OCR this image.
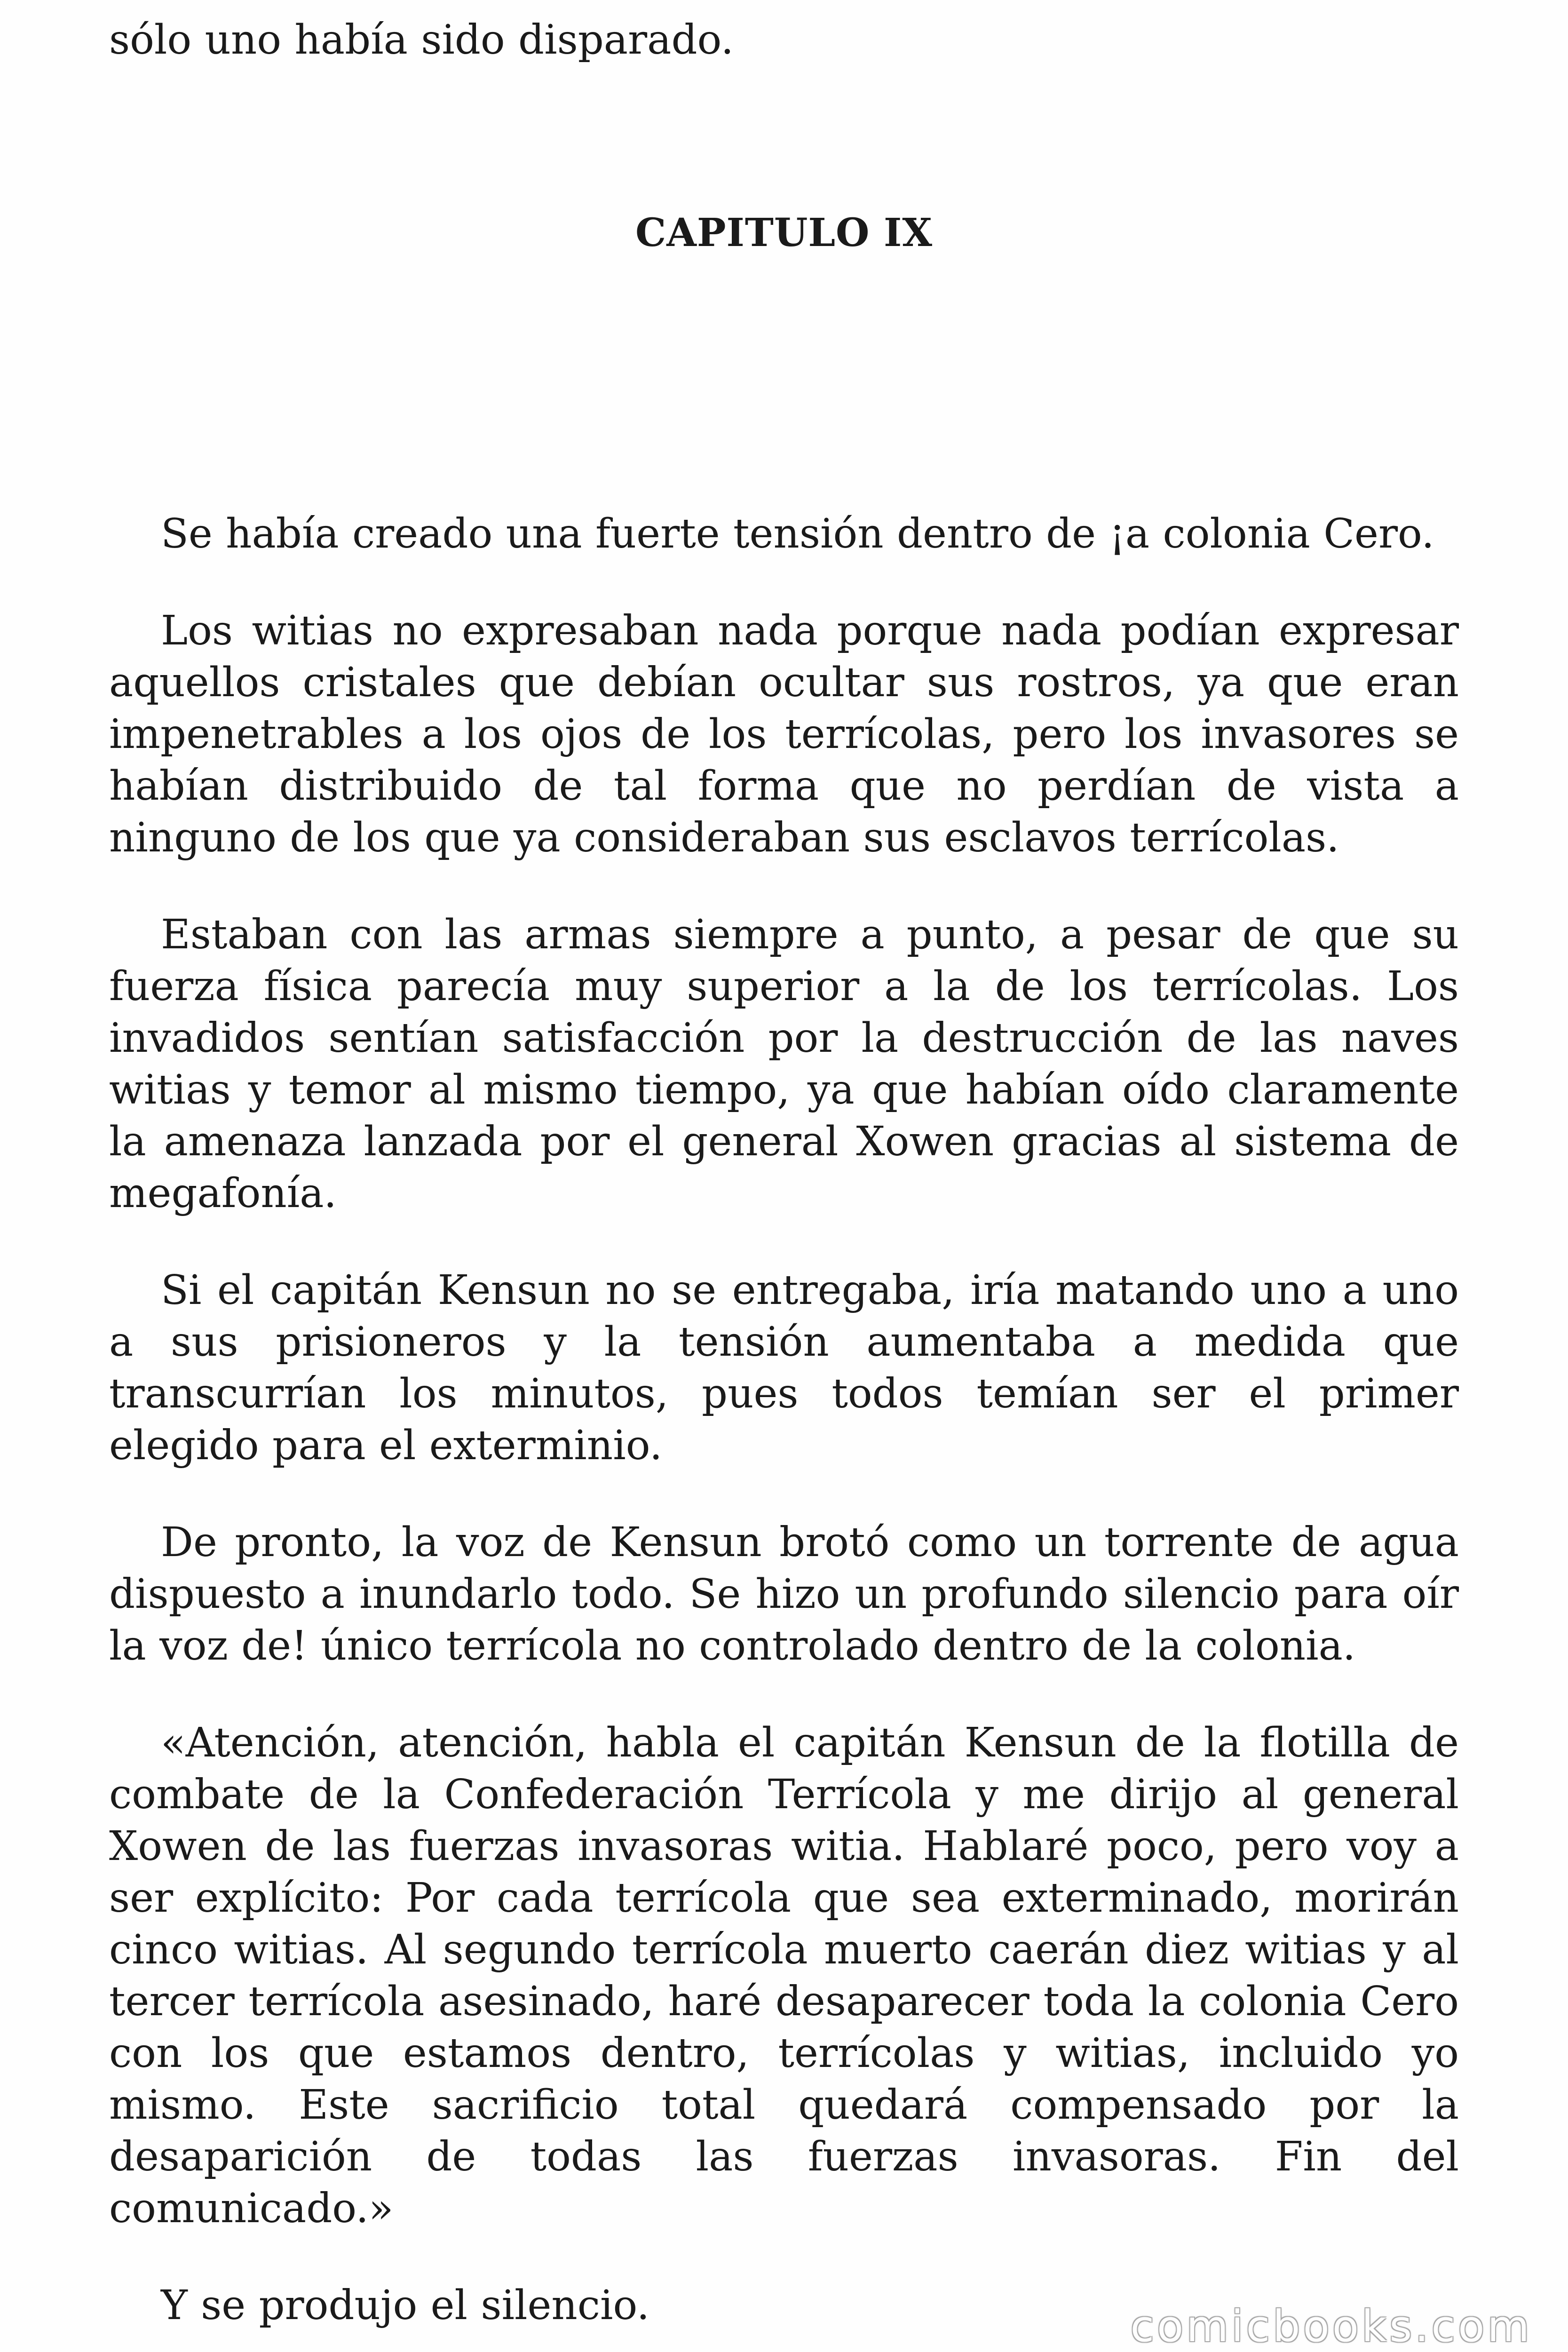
sólo uno había sido disparado.

CAPITULO IX

Se había creado una fuerte tensión dentro de ¡a colonia Cero.

Los witias no expresaban nada porque nada podían expresar aquellos cristales que debían ocultar sus rostros, ya que eran impenetrables a los ojos de los terrícolas, pero los invasores se habían distribuido de tal forma que no perdían de vista a ninguno de los que ya consideraban sus esclavos terrícolas.

Estaban con las armas siempre a punto, a pesar de que su fuerza física parecía muy superior a la de los terrícolas. Los invadidos sentían satisfacción por la destrucción de las naves witias y temor al mismo tiempo, ya que habían oído claramente la amenaza lanzada por el general Xowen gracias al sistema de megafonía.

Si el capitán Kensun no se entregaba, iría matando uno a uno a sus prisioneros y la tensión aumentaba a medida que transcurrían los minutos, pues todos temían ser el primer elegido para el exterminio.

De pronto, la voz de Kensun brotó como un torrente de agua dispuesto a inundarlo todo. Se hizo un profundo silencio para oír la voz de! único terrícola no controlado dentro de la colonia.

«Atención, atención, habla el capitán Kensun de la flotilla de combate de la Confederación Terrícola y me dirijo al general Xowen de las fuerzas invasoras witia. Hablaré poco, pero voy a ser explícito: Por cada terrícola que sea exterminado, morirán cinco witias. Al segundo terrícola muerto caerán diez witias y al tercer terrícola asesinado, haré desaparecer toda la colonia Cero con los que estamos dentro, terrícolas y witias, incluido yo mismo. Este sacrificio total quedará compensado por la desaparición de todas las fuerzas invasoras. Fin del comunicado.»

Y se produjo el silencio.	comicbooks.com
